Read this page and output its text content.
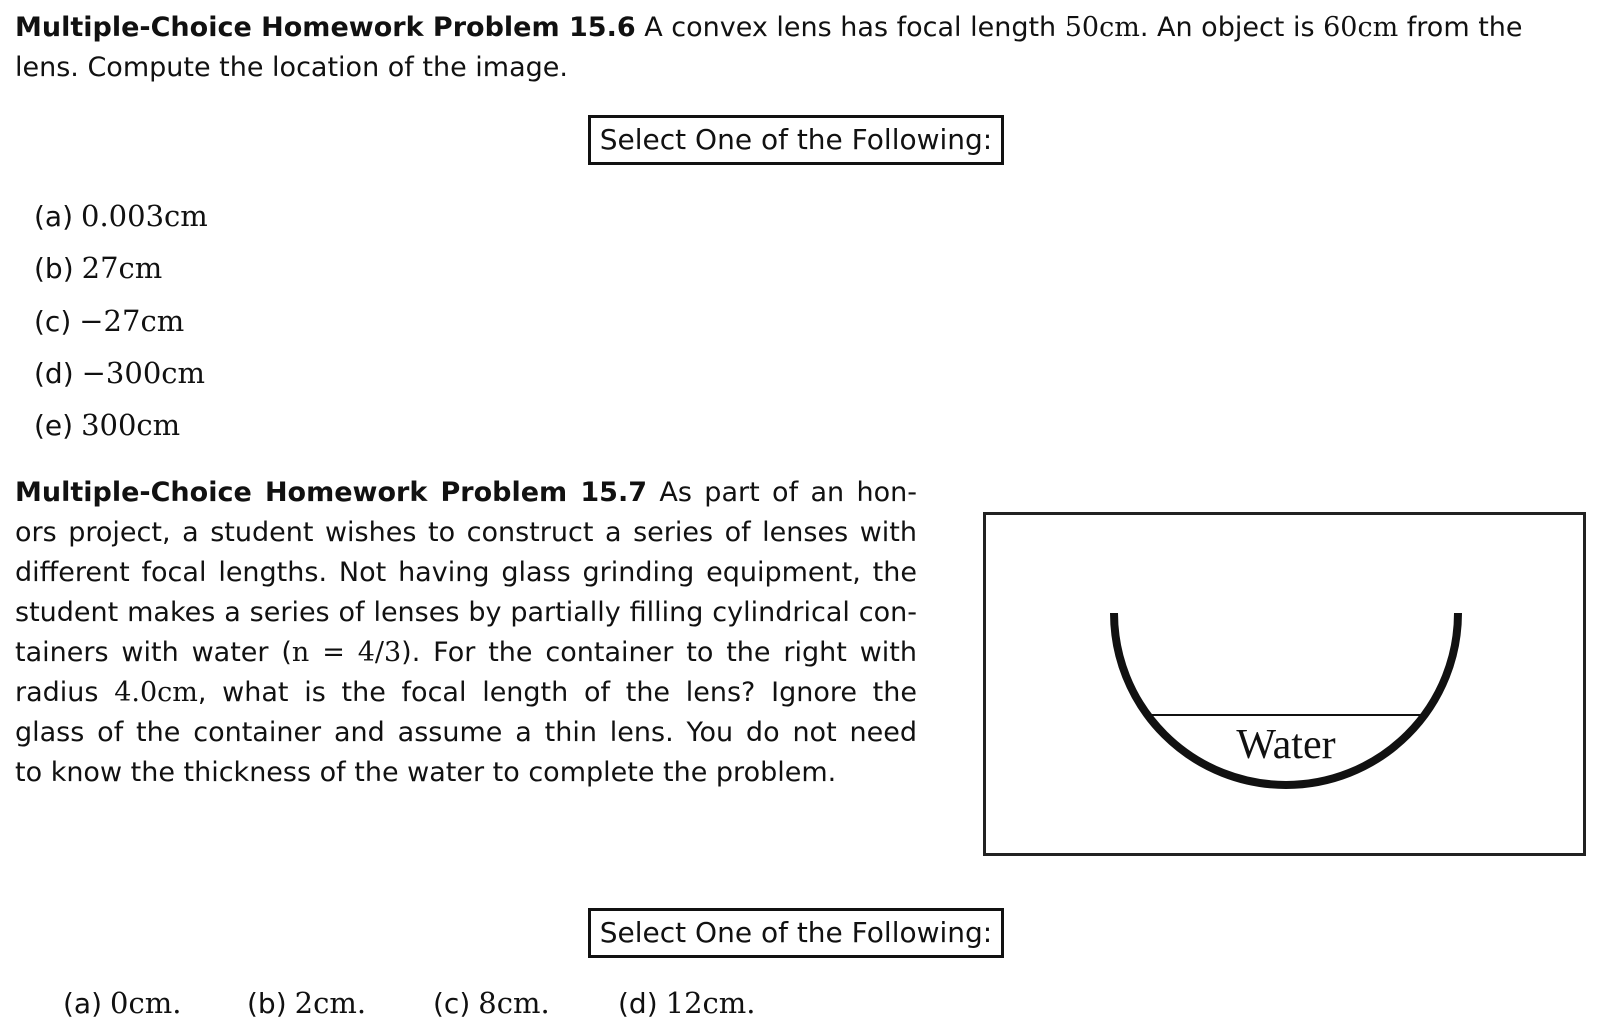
Multiple-Choice Homework Problem 15.6 A convex lens has focal length 50cm. An object is 60cm from the
lens. Compute the location of the image.
Select One of the Following:
(a) 0.003cm
(b) 27cm
(c) −27cm
(d) −300cm
(e) 300cm
Multiple-Choice Homework Problem 15.7 As part of an hon-
ors project, a student wishes to construct a series of lenses with
different focal lengths. Not having glass grinding equipment, the
student makes a series of lenses by partially filling cylindrical con-
tainers with water (n = 4/3). For the container to the right with
radius 4.0cm, what is the focal length of the lens? Ignore the
glass of the container and assume a thin lens. You do not need
to know the thickness of the water to complete the problem.
Water
Select One of the Following:
(a) 0cm. (b) 2cm. (c) 8cm. (d) 12cm.
